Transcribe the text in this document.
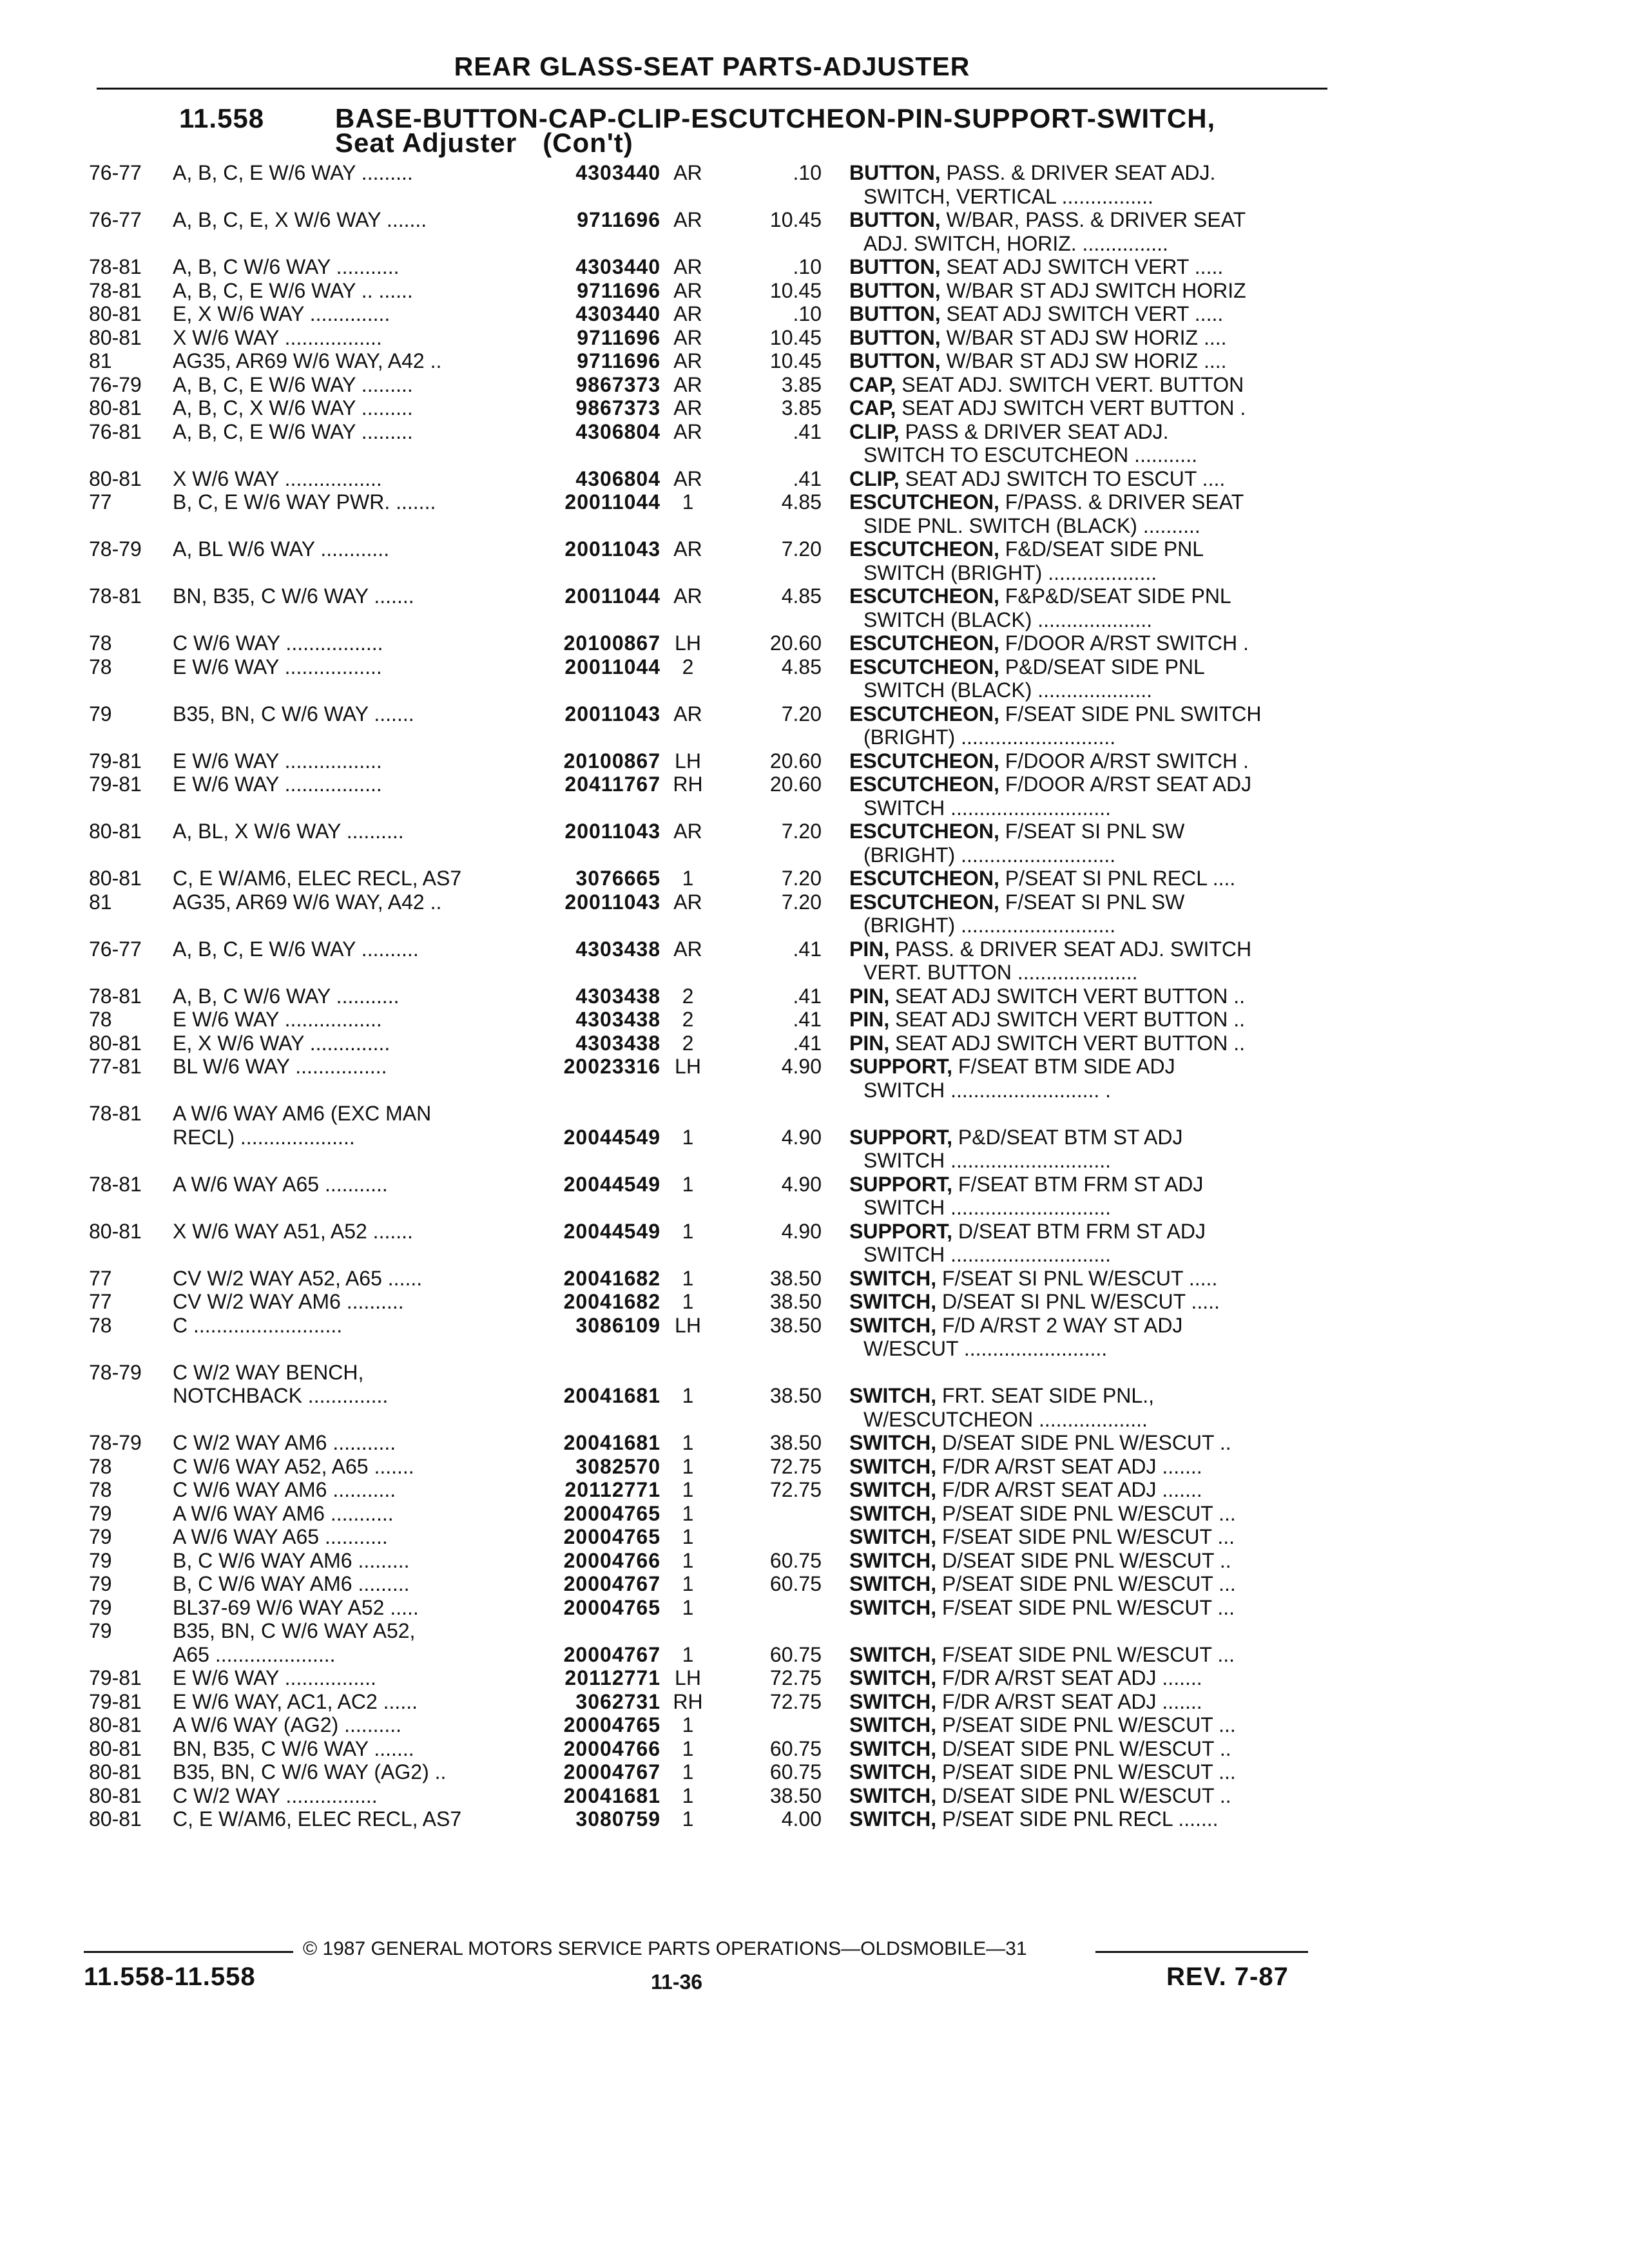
REAR GLASS-SEAT PARTS-ADJUSTER
11.558	BASE-BUTTON-CAP-CLIP-ESCUTCHEON-PIN-SUPPORT-SWITCH,
Seat Adjuster (Con't)
76-77	A, B, C, E W/6 WAY .........	4303440 AR	.10 BUTTON, PASS. & DRIVER SEAT ADJ.
SWITCH, VERTICAL ................
76-77	A, B, C, E, X W/6 WAY .......	9711696 AR	10.45 BUTTON, W/BAR, PASS. & DRIVER SEAT
ADJ. SWITCH, HORIZ. ...............
78-81	A, B, C W/6 WAY ...........	4303440 AR	.10 BUTTON, SEAT ADJ SWITCH VERT .....
78-81	A, B, C, E W/6 WAY .. ......	9711696 AR	10.45 BUTTON, W/BAR ST ADJ SWITCH HORIZ
80-81	E, X W/6 WAY ..............	4303440 AR	.10 BUTTON, SEAT ADJ SWITCH VERT .....
80-81	X W/6 WAY .................	9711696 AR	10.45 BUTTON, W/BAR ST ADJ SW HORIZ ....
81	AG35, AR69 W/6 WAY, A42 ..	9711696 AR	10.45 BUTTON, W/BAR ST ADJ SW HORIZ ....
76-79	A, B, C, E W/6 WAY .........	9867373 AR	3.85 CAP, SEAT ADJ. SWITCH VERT. BUTTON
80-81	A, B, C, X W/6 WAY .........	9867373 AR	3.85 CAP, SEAT ADJ SWITCH VERT BUTTON .
76-81	A, B, C, E W/6 WAY .........	4306804 AR	.41 CLIP, PASS & DRIVER SEAT ADJ.
SWITCH TO ESCUTCHEON ...........
80-81	X W/6 WAY .................	4306804 AR	.41 CLIP, SEAT ADJ SWITCH TO ESCUT ....
77	B, C, E W/6 WAY PWR. .......	20011044	1	4.85 ESCUTCHEON, F/PASS. & DRIVER SEAT
SIDE PNL. SWITCH (BLACK) ..........
78-79	A, BL W/6 WAY ............	20011043 AR	7.20 ESCUTCHEON, F&D/SEAT SIDE PNL
SWITCH (BRIGHT) ...................
78-81	BN, B35, C W/6 WAY .......	20011044 AR	4.85 ESCUTCHEON, F&P&D/SEAT SIDE PNL
SWITCH (BLACK) ....................
78	C W/6 WAY .................	20100867 LH	20.60 ESCUTCHEON, F/DOOR A/RST SWITCH .
78	E W/6 WAY .................	20011044	2	4.85 ESCUTCHEON, P&D/SEAT SIDE PNL
SWITCH (BLACK) ....................
79	B35, BN, C W/6 WAY .......	20011043 AR	7.20 ESCUTCHEON, F/SEAT SIDE PNL SWITCH
(BRIGHT) ...........................
79-81	E W/6 WAY .................	20100867 LH	20.60 ESCUTCHEON, F/DOOR A/RST SWITCH .
79-81	E W/6 WAY .................	20411767 RH	20.60 ESCUTCHEON, F/DOOR A/RST SEAT ADJ
SWITCH ............................
80-81	A, BL, X W/6 WAY ..........	20011043 AR	7.20 ESCUTCHEON, F/SEAT SI PNL SW
(BRIGHT) ...........................
80-81	C, E W/AM6, ELEC RECL, AS7	3076665	1	7.20 ESCUTCHEON, P/SEAT SI PNL RECL ....
81	AG35, AR69 W/6 WAY, A42 ..	20011043 AR	7.20 ESCUTCHEON, F/SEAT SI PNL SW
(BRIGHT) ...........................
76-77	A, B, C, E W/6 WAY ..........	4303438 AR	.41 PIN, PASS. & DRIVER SEAT ADJ. SWITCH
VERT. BUTTON .....................
78-81	A, B, C W/6 WAY ...........	4303438	2	.41 PIN, SEAT ADJ SWITCH VERT BUTTON ..
78	E W/6 WAY .................	4303438	2	.41 PIN, SEAT ADJ SWITCH VERT BUTTON ..
80-81	E, X W/6 WAY ..............	4303438	2	.41 PIN, SEAT ADJ SWITCH VERT BUTTON ..
77-81	BL W/6 WAY ................	20023316 LH	4.90 SUPPORT, F/SEAT BTM SIDE ADJ
SWITCH .......................... .
78-81	A W/6 WAY AM6 (EXC MAN
RECL) ....................	20044549	1	4.90 SUPPORT, P&D/SEAT BTM ST ADJ
SWITCH ............................
78-81	A W/6 WAY A65 ...........	20044549	1	4.90 SUPPORT, F/SEAT BTM FRM ST ADJ
SWITCH ............................
80-81	X W/6 WAY A51, A52 .......	20044549	1	4.90 SUPPORT, D/SEAT BTM FRM ST ADJ
SWITCH ............................
77	CV W/2 WAY A52, A65 ......	20041682	1	38.50 SWITCH, F/SEAT SI PNL W/ESCUT .....
77	CV W/2 WAY AM6 ..........	20041682	1	38.50 SWITCH, D/SEAT SI PNL W/ESCUT .....
78	C ..........................	3086109 LH	38.50 SWITCH, F/D A/RST 2 WAY ST ADJ
W/ESCUT .........................
78-79	C W/2 WAY BENCH,
NOTCHBACK ..............	20041681	1	38.50 SWITCH, FRT. SEAT SIDE PNL.,
W/ESCUTCHEON ...................
78-79	C W/2 WAY AM6 ...........	20041681	1	38.50 SWITCH, D/SEAT SIDE PNL W/ESCUT ..
78	C W/6 WAY A52, A65 .......	3082570	1	72.75 SWITCH, F/DR A/RST SEAT ADJ .......
78	C W/6 WAY AM6 ...........	20112771	1	72.75 SWITCH, F/DR A/RST SEAT ADJ .......
79	A W/6 WAY AM6 ...........	20004765	1	SWITCH, P/SEAT SIDE PNL W/ESCUT ...
79	A W/6 WAY A65 ...........	20004765	1	SWITCH, F/SEAT SIDE PNL W/ESCUT ...
79	B, C W/6 WAY AM6 .........	20004766	1	60.75 SWITCH, D/SEAT SIDE PNL W/ESCUT ..
79	B, C W/6 WAY AM6 .........	20004767	1	60.75 SWITCH, P/SEAT SIDE PNL W/ESCUT ...
79	BL37-69 W/6 WAY A52 .....	20004765	1	SWITCH, F/SEAT SIDE PNL W/ESCUT ...
79	B35, BN, C W/6 WAY A52,
A65 .....................	20004767	1	60.75 SWITCH, F/SEAT SIDE PNL W/ESCUT ...
79-81	E W/6 WAY ................	20112771 LH	72.75 SWITCH, F/DR A/RST SEAT ADJ .......
79-81	E W/6 WAY, AC1, AC2 ......	3062731 RH	72.75 SWITCH, F/DR A/RST SEAT ADJ .......
80-81	A W/6 WAY (AG2) ..........	20004765	1	SWITCH, P/SEAT SIDE PNL W/ESCUT ...
80-81	BN, B35, C W/6 WAY .......	20004766	1	60.75 SWITCH, D/SEAT SIDE PNL W/ESCUT ..
80-81	B35, BN, C W/6 WAY (AG2) ..	20004767	1	60.75 SWITCH, P/SEAT SIDE PNL W/ESCUT ...
80-81	C W/2 WAY ................	20041681	1	38.50 SWITCH, D/SEAT SIDE PNL W/ESCUT ..
80-81	C, E W/AM6, ELEC RECL, AS7	3080759	1	4.00 SWITCH, P/SEAT SIDE PNL RECL .......
© 1987 GENERAL MOTORS SERVICE PARTS OPERATIONS—OLDSMOBILE—31
11.558-11.558	11-36	REV. 7-87
